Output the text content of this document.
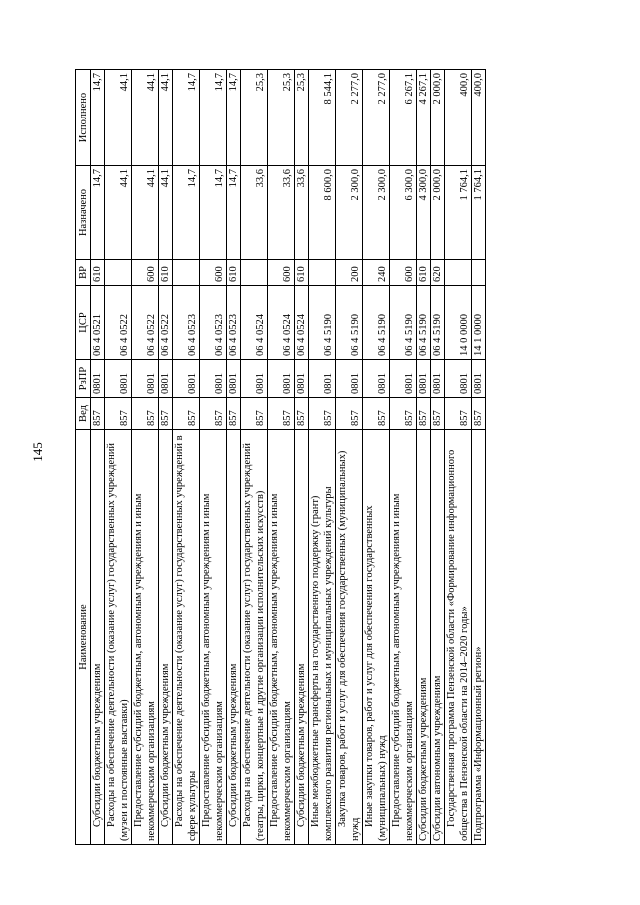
145
Наименование	Вед	РзПР	ЦСР	ВР	Назначено	Исполнено
Субсидии бюджетным учреждениям	857	0801	06 4 0521	610	14,7	14,7
Расходы на обеспечение деятельности (оказание услуг) государственных учреждений (музеи и постоянные выставки)	857	0801	06 4 0522		44,1	44,1
Предоставление субсидий бюджетным, автономным учреждениям и иным некоммерческим организациям	857	0801	06 4 0522	600	44,1	44,1
Субсидии бюджетным учреждениям	857	0801	06 4 0522	610	44,1	44,1
Расходы на обеспечение деятельности (оказание услуг) государственных учреждений в сфере культуры	857	0801	06 4 0523		14,7	14,7
Предоставление субсидий бюджетным, автономным учреждениям и иным некоммерческим организациям	857	0801	06 4 0523	600	14,7	14,7
Субсидии бюджетным учреждениям	857	0801	06 4 0523	610	14,7	14,7
Расходы на обеспечение деятельности (оказание услуг) государственных учреждений (театры, цирки, концертные и другие организации исполнительских искусств)	857	0801	06 4 0524		33,6	25,3
Предоставление субсидий бюджетным, автономным учреждениям и иным некоммерческим организациям	857	0801	06 4 0524	600	33,6	25,3
Субсидии бюджетным учреждениям	857	0801	06 4 0524	610	33,6	25,3
Иные межбюджетные трансферты на государственную поддержку (грант) комплексного развития региональных и муниципальных учреждений культуры	857	0801	06 4 5190		8 600,0	8 544,1
Закупка товаров, работ и услуг для обеспечения государственных (муниципальных) нужд	857	0801	06 4 5190	200	2 300,0	2 277,0
Иные закупки товаров, работ и услуг для обеспечения государственных (муниципальных) нужд	857	0801	06 4 5190	240	2 300,0	2 277,0
Предоставление субсидий бюджетным, автономным учреждениям и иным некоммерческим организациям	857	0801	06 4 5190	600	6 300,0	6 267,1
Субсидии бюджетным учреждениям	857	0801	06 4 5190	610	4 300,0	4 267,1
Субсидии автономным учреждениям	857	0801	06 4 5190	620	2 000,0	2 000,0
Государственная программа Пензенской области «Формирование информационного общества в Пензенской области на 2014–2020 годы»	857	0801	14 0 0000		1 764,1	400,0
Подпрограмма «Информационный регион»	857	0801	14 1 0000		1 764,1	400,0
